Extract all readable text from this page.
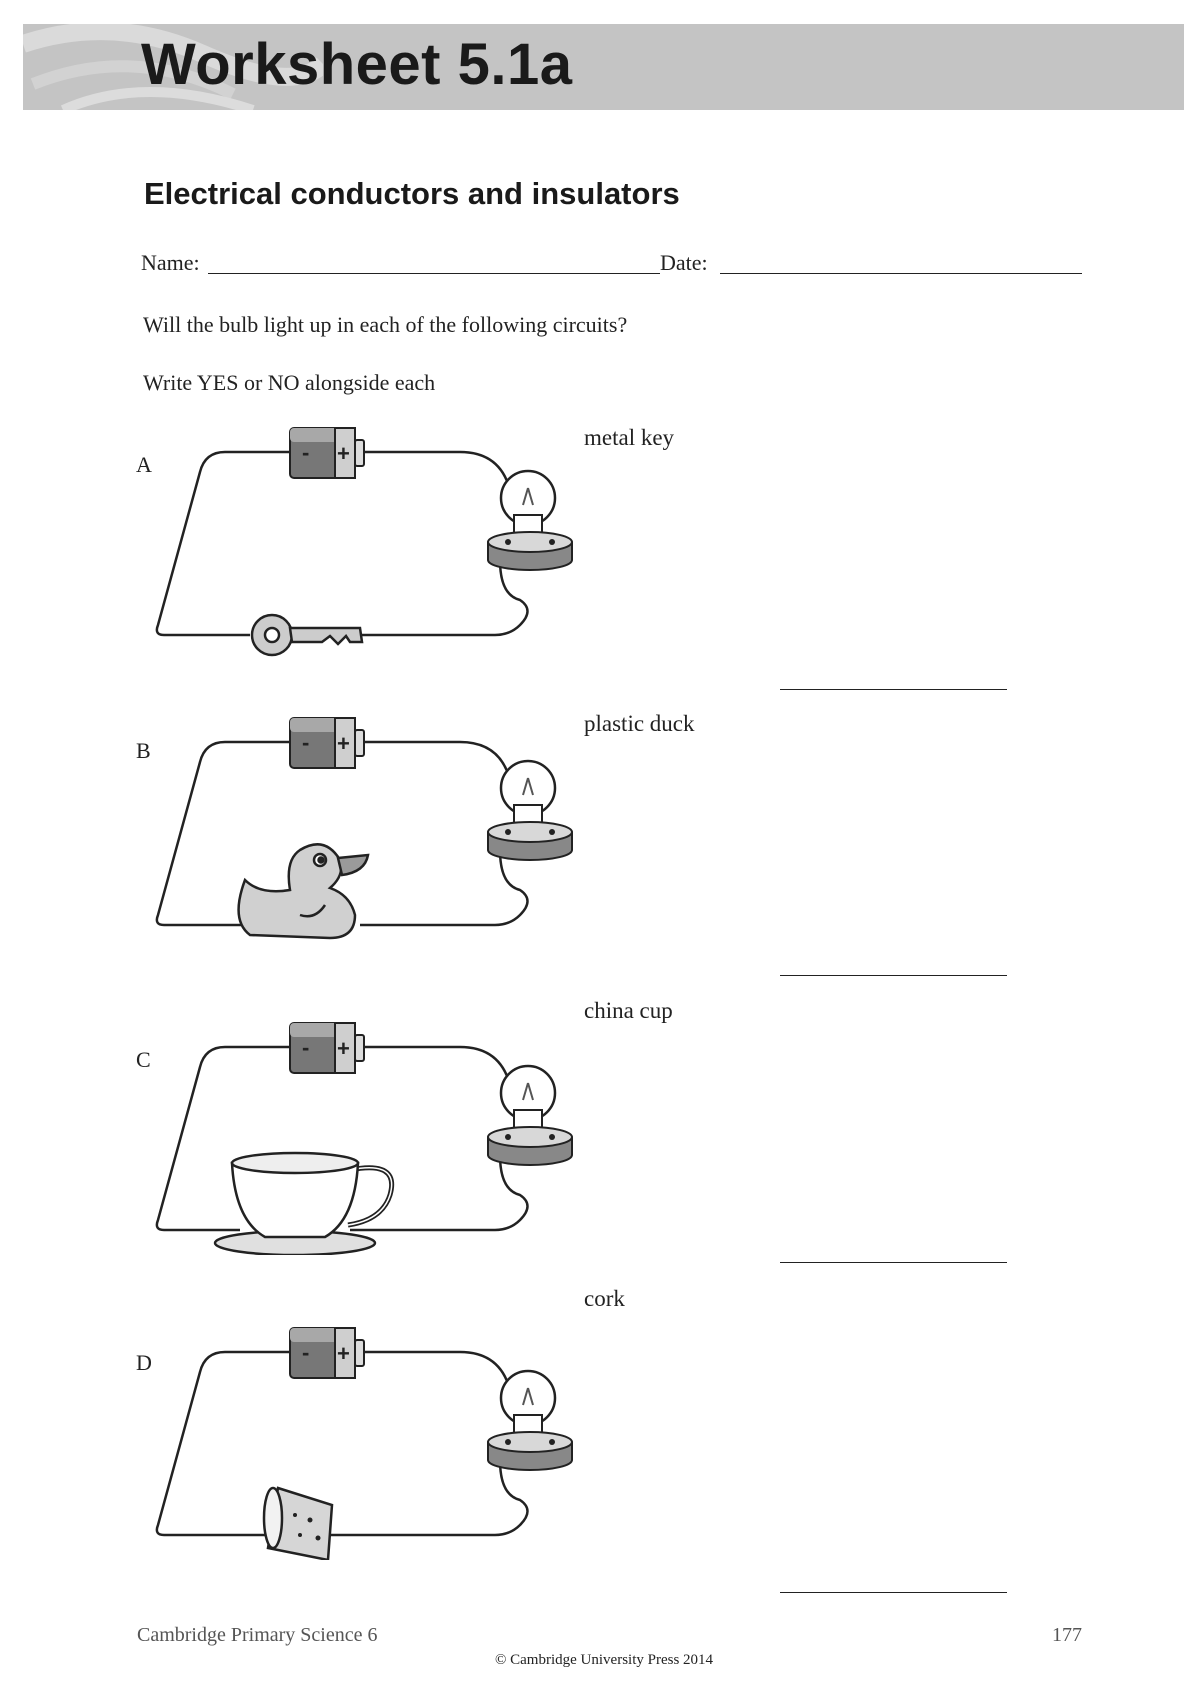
Worksheet 5.1a
Electrical conductors and insulators
Name:	Date:
Will the bulb light up in each of the following circuits?
Write YES or NO alongside each
A
metal key
- +
B
plastic duck
- +
C
china cup
- +
D
cork
- +
Cambridge Primary Science 6	177
© Cambridge University Press 2014
